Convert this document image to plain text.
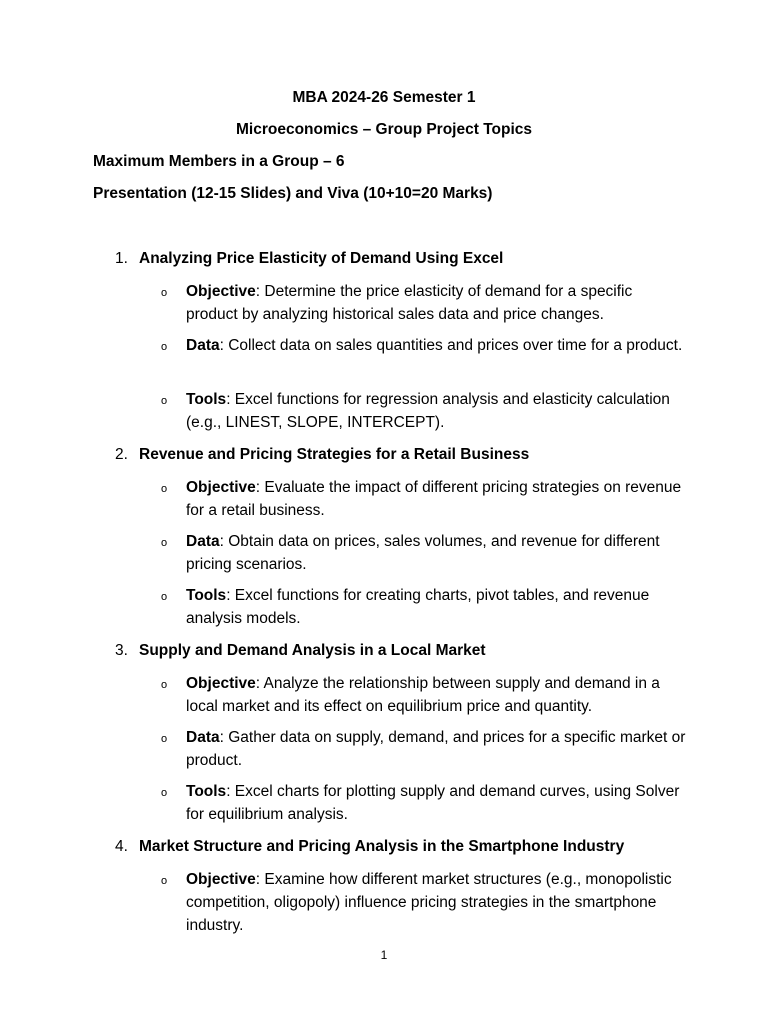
MBA 2024-26 Semester 1
Microeconomics – Group Project Topics
Maximum Members in a Group – 6
Presentation (12-15 Slides) and Viva (10+10=20 Marks)
1. Analyzing Price Elasticity of Demand Using Excel
o Objective: Determine the price elasticity of demand for a specific product by analyzing historical sales data and price changes.
o Data: Collect data on sales quantities and prices over time for a product.
o Tools: Excel functions for regression analysis and elasticity calculation (e.g., LINEST, SLOPE, INTERCEPT).
2. Revenue and Pricing Strategies for a Retail Business
o Objective: Evaluate the impact of different pricing strategies on revenue for a retail business.
o Data: Obtain data on prices, sales volumes, and revenue for different pricing scenarios.
o Tools: Excel functions for creating charts, pivot tables, and revenue analysis models.
3. Supply and Demand Analysis in a Local Market
o Objective: Analyze the relationship between supply and demand in a local market and its effect on equilibrium price and quantity.
o Data: Gather data on supply, demand, and prices for a specific market or product.
o Tools: Excel charts for plotting supply and demand curves, using Solver for equilibrium analysis.
4. Market Structure and Pricing Analysis in the Smartphone Industry
o Objective: Examine how different market structures (e.g., monopolistic competition, oligopoly) influence pricing strategies in the smartphone industry.
1
